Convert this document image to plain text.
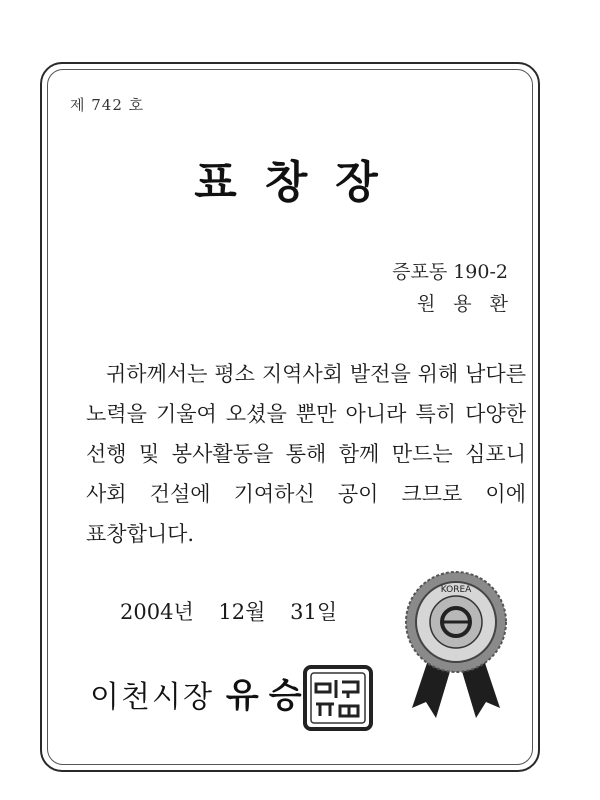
제 742 호
표창장
증포동 190-2
원용환
귀하께서는 평소 지역사회 발전을 위해 남다른 노력을 기울여 오셨을 뿐만 아니라 특히 다양한 선행 및 봉사활동을 통해 함께 만드는 심포니 사회 건설에 기여하신 공이 크므로 이에 표창합니다.
2004년 12월 31일
이천시장 유승
KOREA
